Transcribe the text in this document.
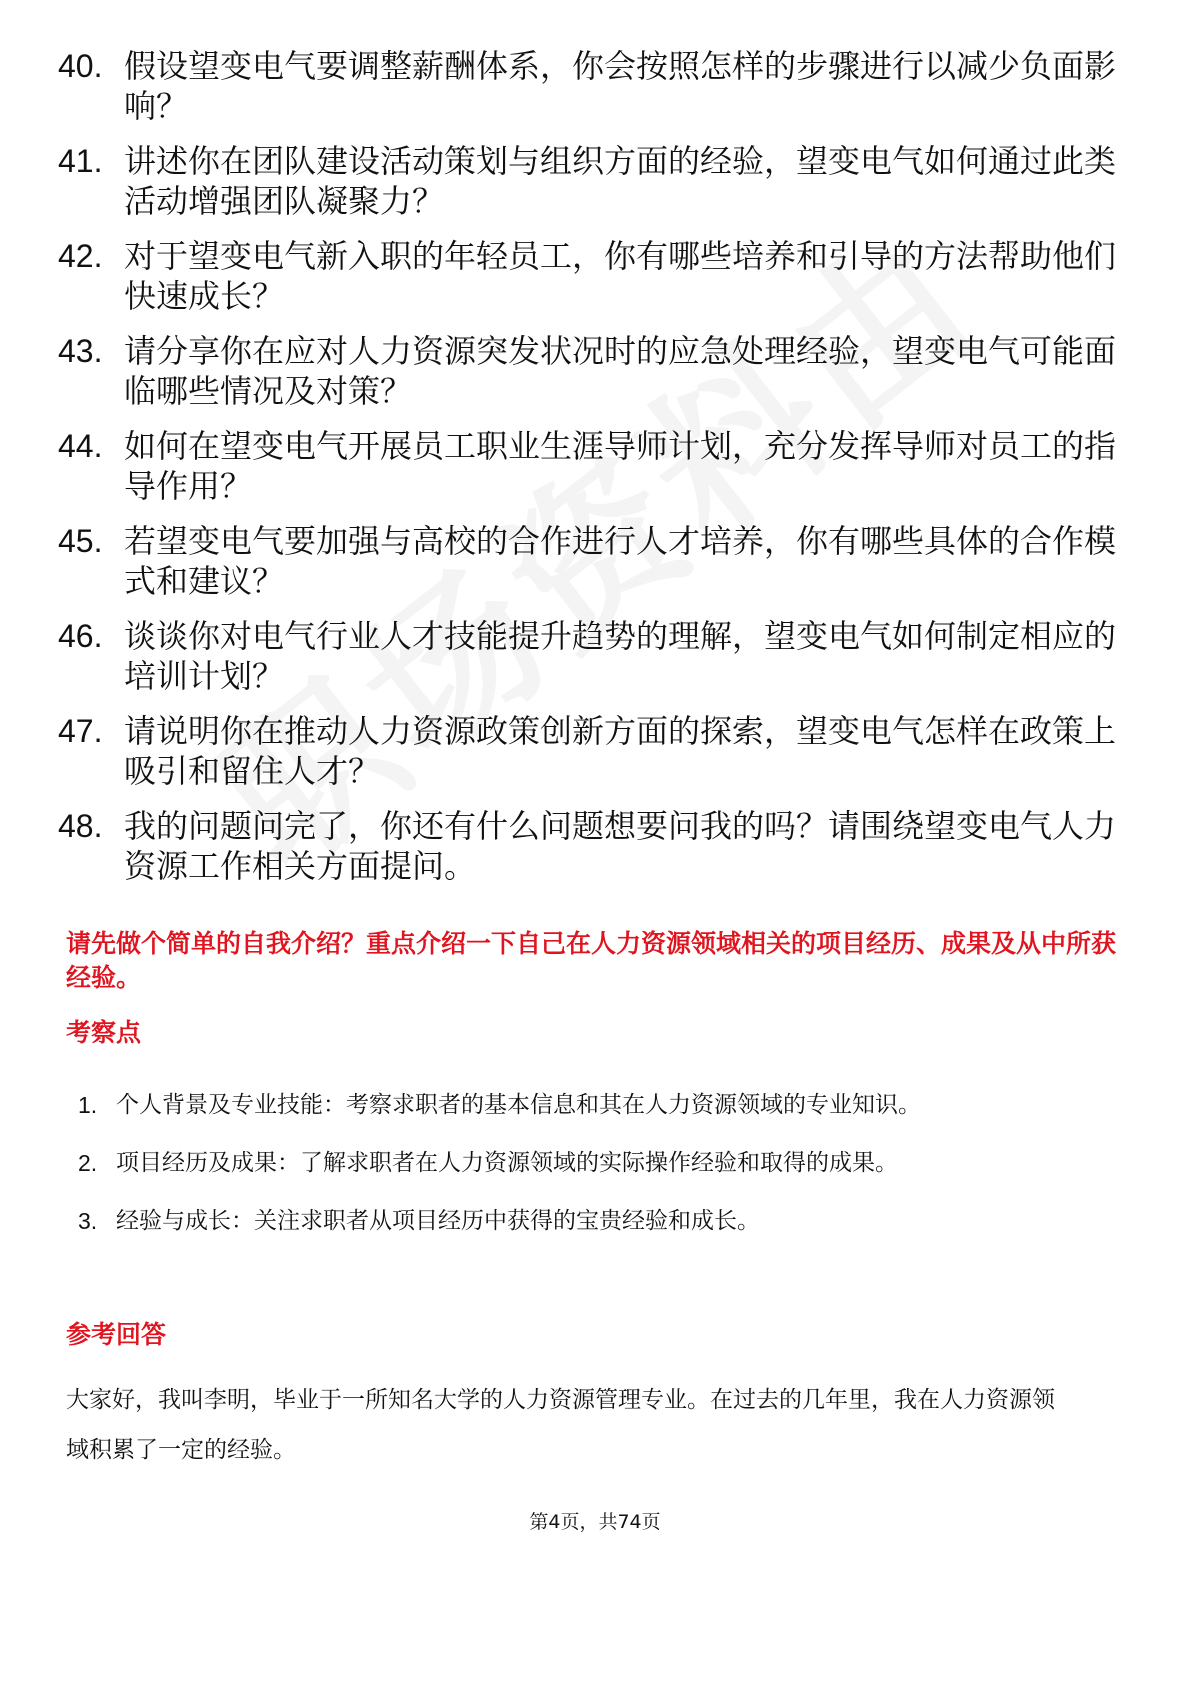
40. 假设望变电气要调整薪酬体系，你会按照怎样的步骤进行以减少负面影响？
41. 讲述你在团队建设活动策划与组织方面的经验，望变电气如何通过此类活动增强团队凝聚力？
42. 对于望变电气新入职的年轻员工，你有哪些培养和引导的方法帮助他们快速成长？
43. 请分享你在应对人力资源突发状况时的应急处理经验，望变电气可能面临哪些情况及对策？
44. 如何在望变电气开展员工职业生涯导师计划，充分发挥导师对员工的指导作用？
45. 若望变电气要加强与高校的合作进行人才培养，你有哪些具体的合作模式和建议？
46. 谈谈你对电气行业人才技能提升趋势的理解，望变电气如何制定相应的培训计划？
47. 请说明你在推动人力资源政策创新方面的探索，望变电气怎样在政策上吸引和留住人才？
48. 我的问题问完了，你还有什么问题想要问我的吗？请围绕望变电气人力资源工作相关方面提问。

请先做个简单的自我介绍？重点介绍一下自己在人力资源领域相关的项目经历、成果及从中所获经验。

考察点
1. 个人背景及专业技能：考察求职者的基本信息和其在人力资源领域的专业知识。
2. 项目经历及成果：了解求职者在人力资源领域的实际操作经验和取得的成果。
3. 经验与成长：关注求职者从项目经历中获得的宝贵经验和成长。
参考回答

大家好，我叫李明，毕业于一所知名大学的人力资源管理专业。在过去的几年里，我在人力资源领域积累了一定的经验。

第4页，共74页
